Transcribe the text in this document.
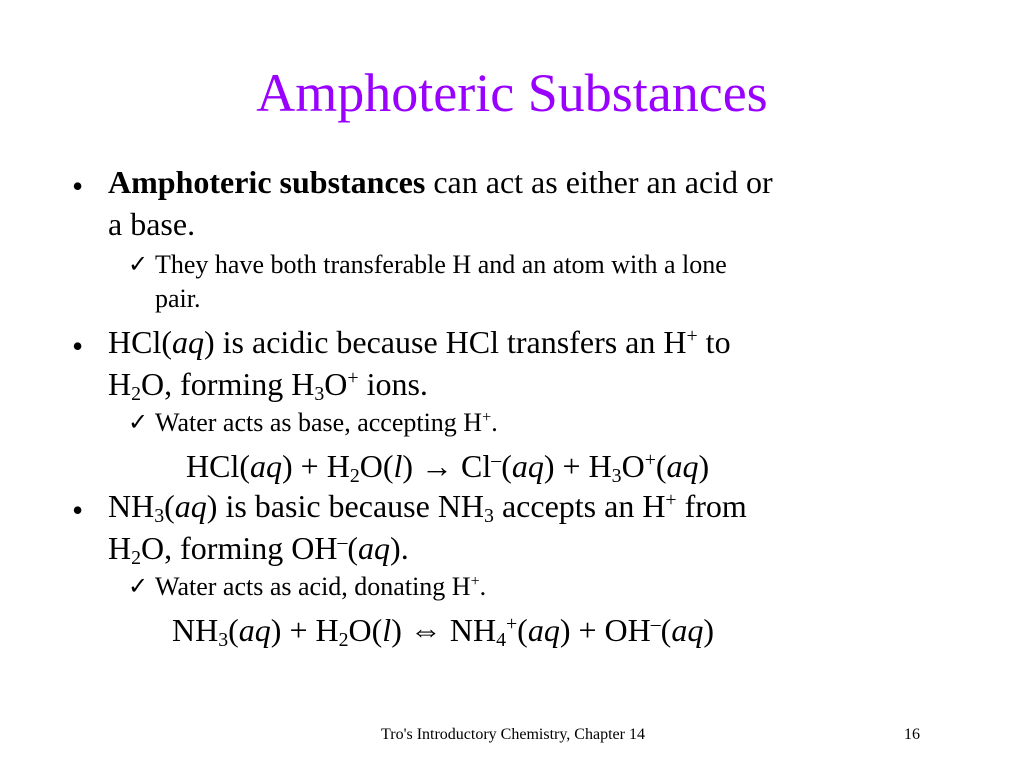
Amphoteric Substances
• Amphoteric substances can act as either an acid or
a base.
✓ They have both transferable H and an atom with a lone
pair.
• HCl(aq) is acidic because HCl transfers an H+ to
$H_2O$, forming $H_3O^+$ ions.
✓ Water acts as base, accepting H+.
$HCl(aq) + H_2O(l) \to Cl^-(aq) + H_3O^+(aq)$
• $NH_3(aq)$ is basic because $NH_3$ accepts an H+ from
$H_2O$, forming OH–(aq).
✓ Water acts as acid, donating H+.
$NH_3(aq) + H_2O(l)$ ⇔ $NH_4^+(aq) + OH^-(aq)$
Tro's Introductory Chemistry, Chapter 14	16
